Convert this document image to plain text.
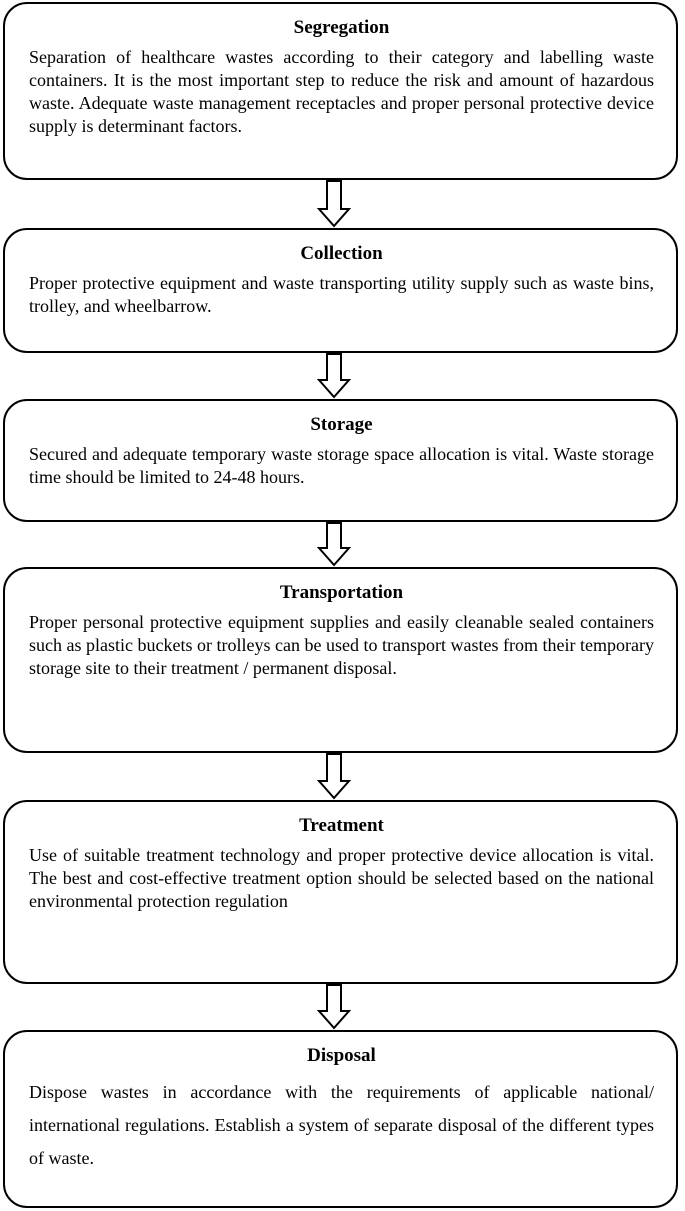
Segregation
Separation of healthcare wastes according to their category and labelling waste containers. It is the most important step to reduce the risk and amount of hazardous waste. Adequate waste management receptacles and proper personal protective device supply is determinant factors.
Collection
Proper protective equipment and waste transporting utility supply such as waste bins, trolley, and wheelbarrow.
Storage
Secured and adequate temporary waste storage space allocation is vital. Waste storage time should be limited to 24-48 hours.
Transportation
Proper personal protective equipment supplies and easily cleanable sealed containers such as plastic buckets or trolleys can be used to transport wastes from their temporary storage site to their treatment / permanent disposal.
Treatment
Use of suitable treatment technology and proper protective device allocation is vital. The best and cost-effective treatment option should be selected based on the national environmental protection regulation
Disposal
Dispose wastes in accordance with the requirements of applicable national/ international regulations. Establish a system of separate disposal of the different types of waste.
